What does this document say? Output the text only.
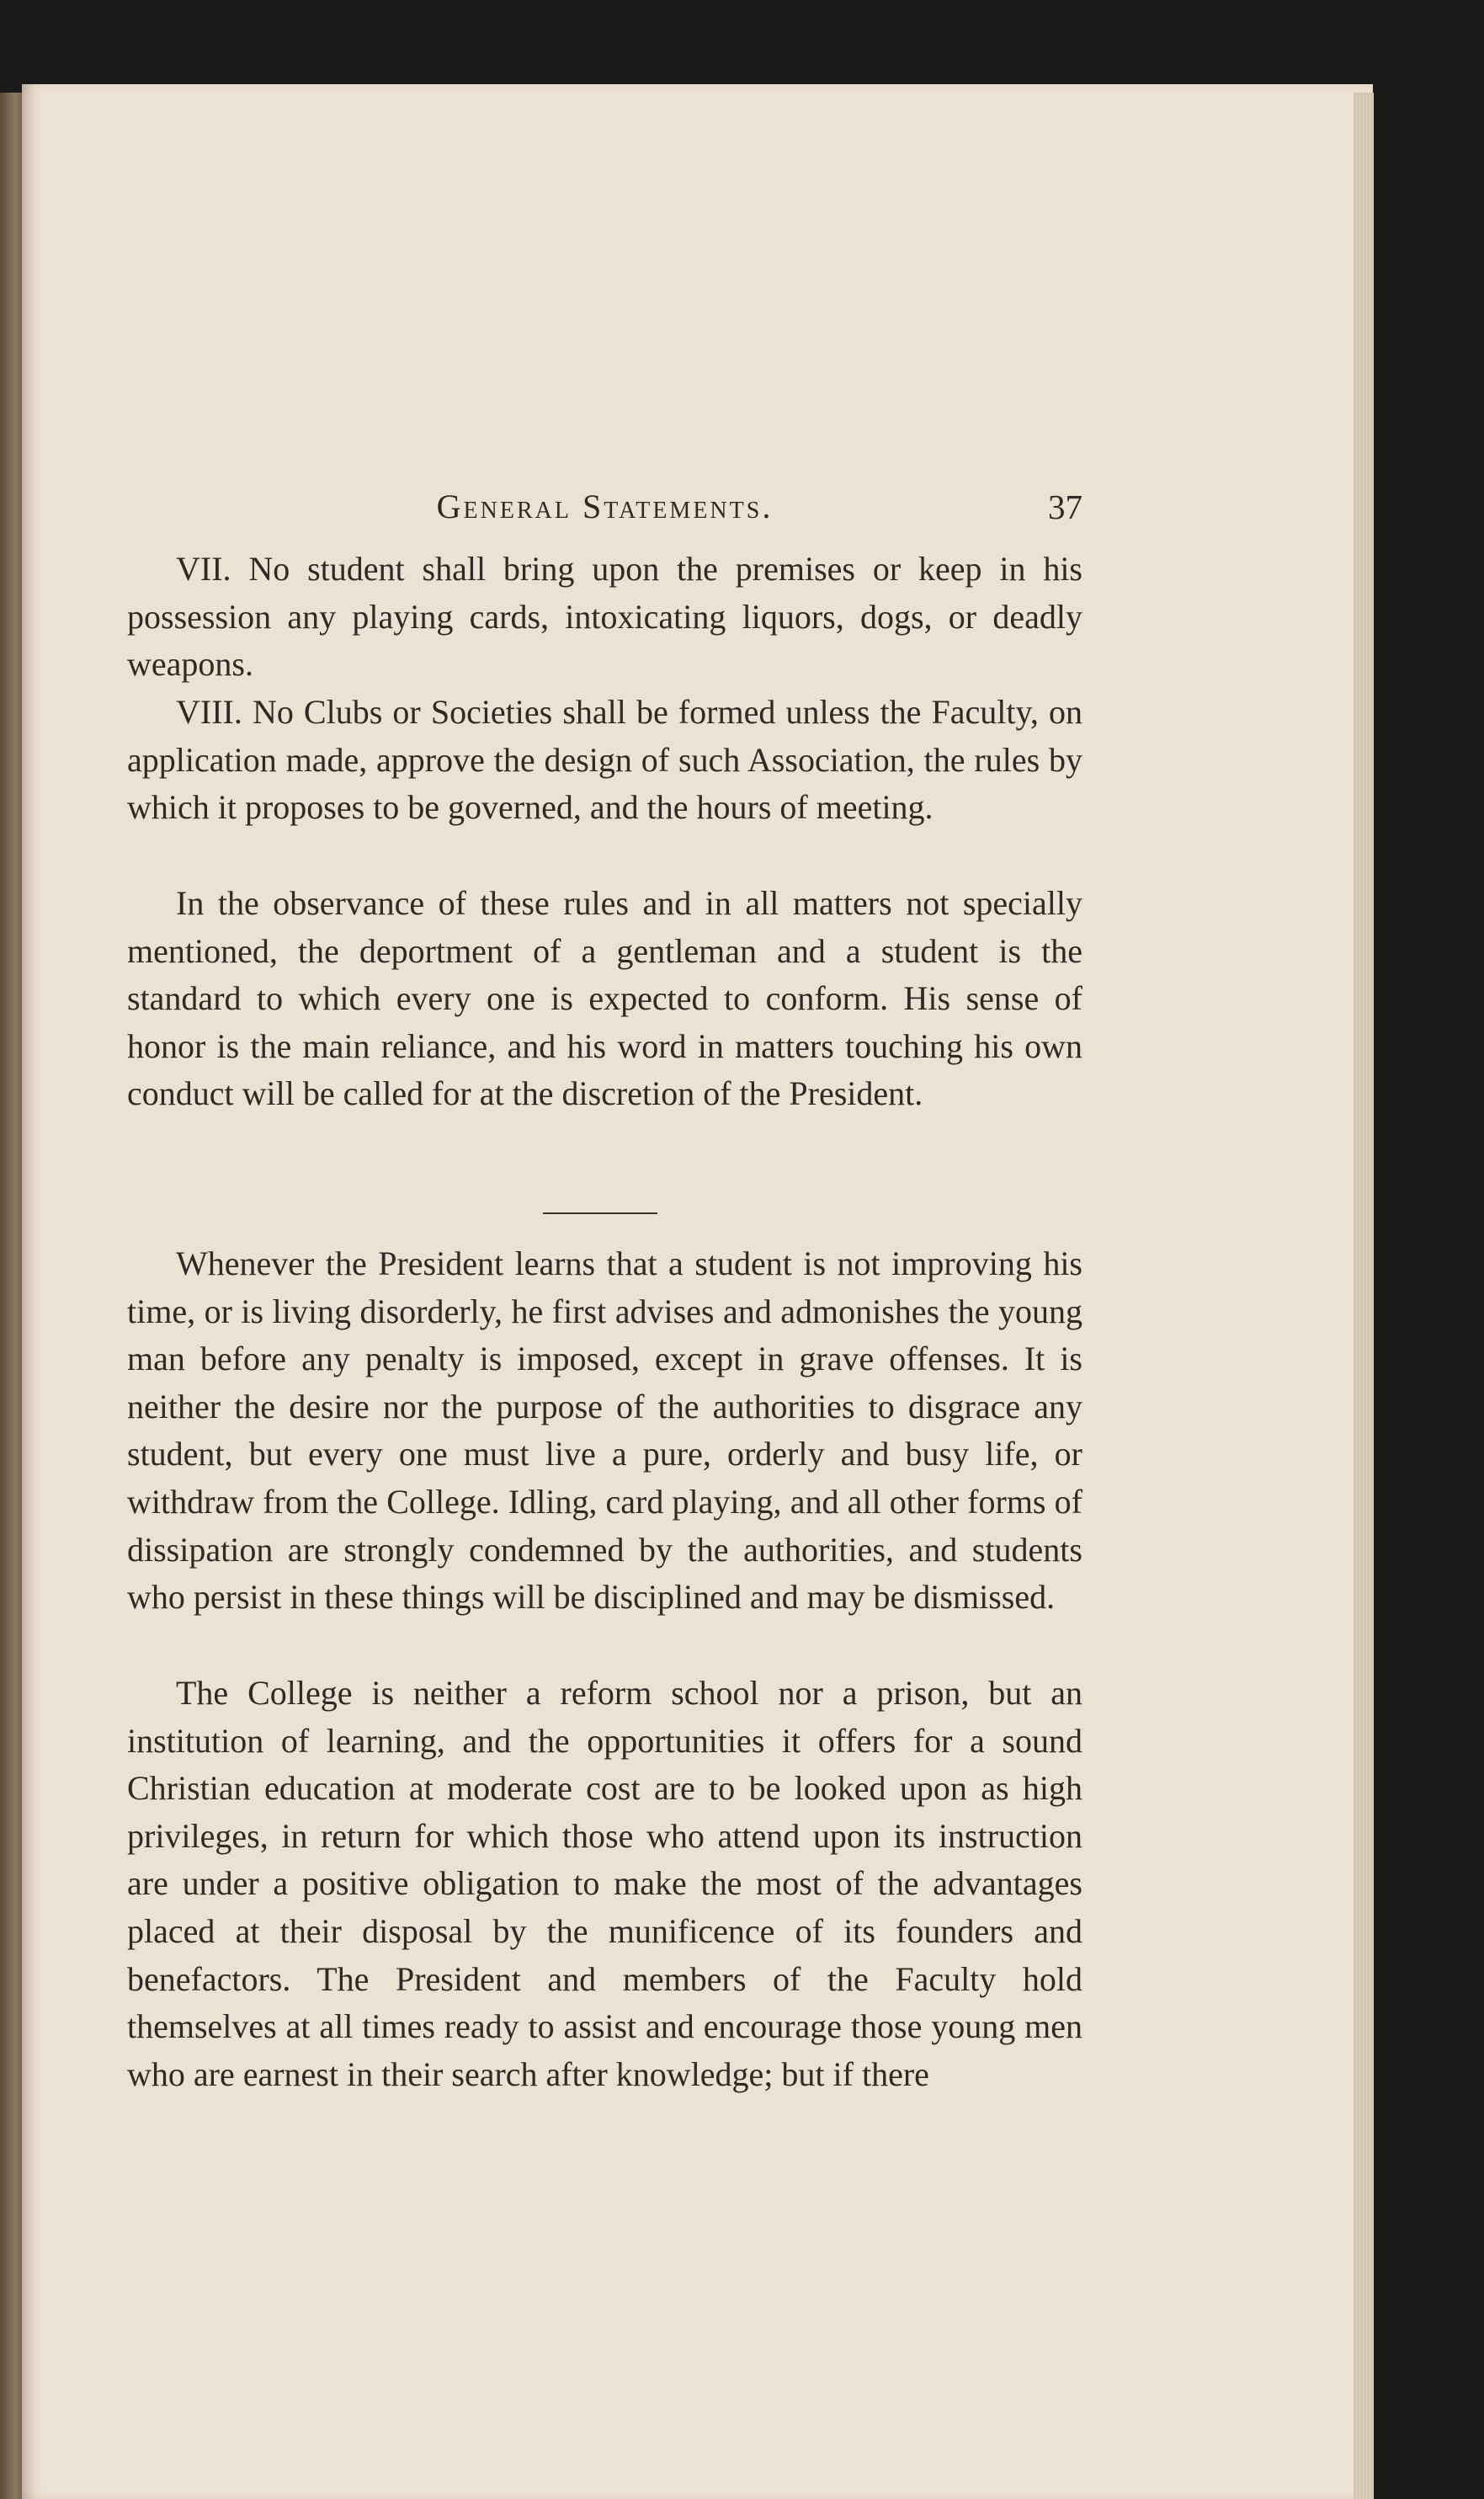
General Statements.	37

VII. No student shall bring upon the premises or keep in his possession any playing cards, intoxicating liquors, dogs, or deadly weapons.

VIII. No Clubs or Societies shall be formed unless the Faculty, on application made, approve the design of such Association, the rules by which it proposes to be governed, and the hours of meeting.

In the observance of these rules and in all matters not specially mentioned, the deportment of a gentleman and a student is the standard to which every one is expected to conform. His sense of honor is the main reliance, and his word in matters touching his own conduct will be called for at the discretion of the President.

Whenever the President learns that a student is not improving his time, or is living disorderly, he first advises and admonishes the young man before any penalty is imposed, except in grave offenses. It is neither the desire nor the purpose of the authorities to disgrace any student, but every one must live a pure, orderly and busy life, or withdraw from the College. Idling, card playing, and all other forms of dissipation are strongly condemned by the authorities, and students who persist in these things will be disciplined and may be dismissed.

The College is neither a reform school nor a prison, but an institution of learning, and the opportunities it offers for a sound Christian education at moderate cost are to be looked upon as high privileges, in return for which those who attend upon its instruction are under a positive obligation to make the most of the advantages placed at their disposal by the munificence of its founders and benefactors. The President and members of the Faculty hold themselves at all times ready to assist and encourage those young men who are earnest in their search after knowledge; but if there
